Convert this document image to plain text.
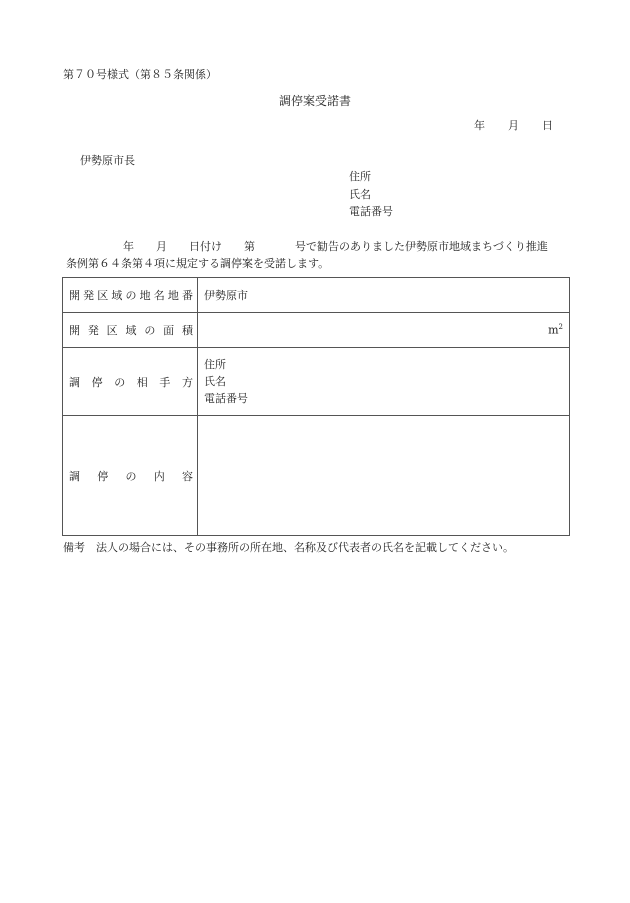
第７０号様式（第８５条関係）
調停案受諾書
年 月 日
伊勢原市長
住所
氏名
電話番号
年 月 日付け 第	号で勧告のありました伊勢原市地域まちづくり推進
条例第６４条第４項に規定する調停案を受諾します。
開発区域の地名地番	伊勢原市
開発区域の面積	$m^2$

調停の相手方	住所
氏名
電話番号

調停の内容	
備考　法人の場合には、その事務所の所在地、名称及び代表者の氏名を記載してください。
